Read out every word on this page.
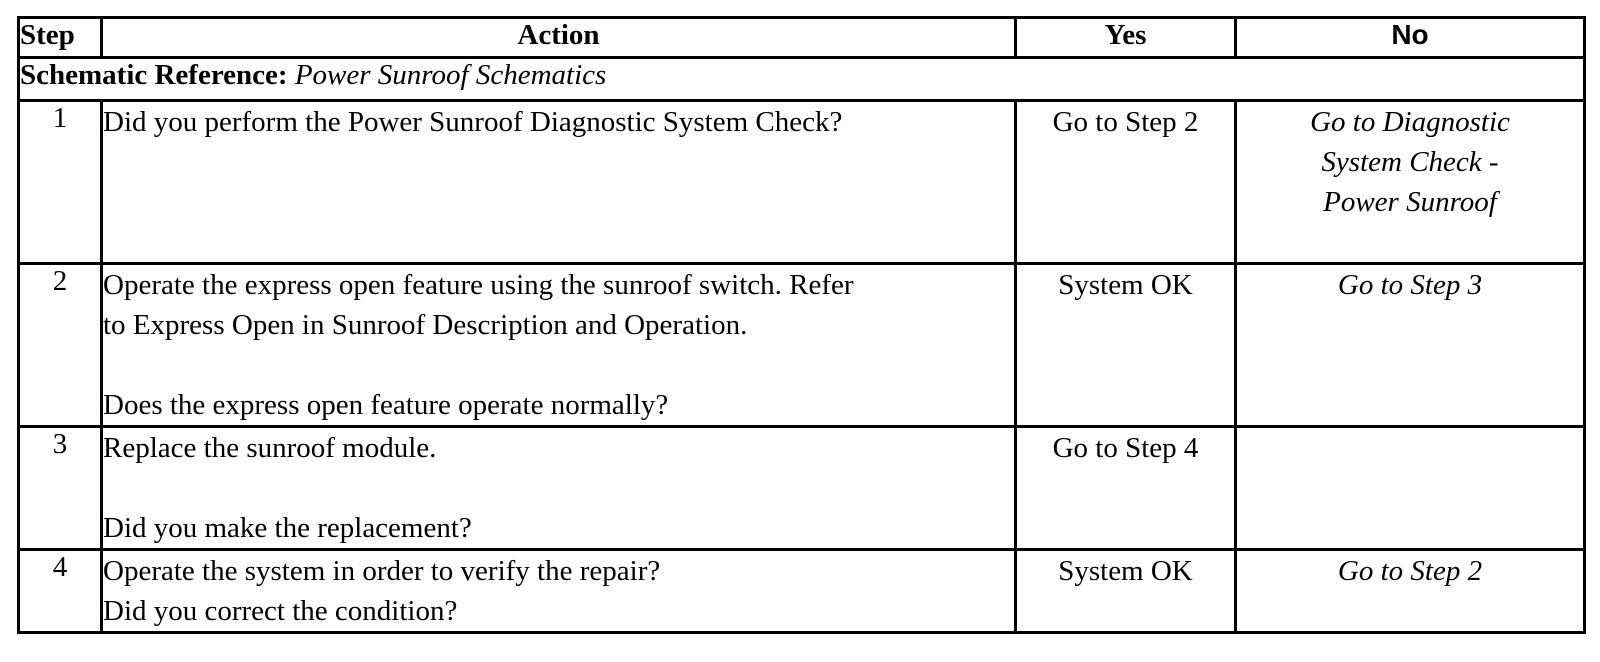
Step	Action	Yes	No
Schematic Reference: Power Sunroof Schematics			
1	Did you perform the Power Sunroof Diagnostic System Check?	Go to Step 2	Go to Diagnostic
System Check -
Power Sunroof

2	Operate the express open feature using the sunroof switch. Refer
to Express Open in Sunroof Description and Operation.
Does the express open feature operate normally?	System OK	Go to Step 3
3	Replace the sunroof module.
Did you make the replacement?	Go to Step 4	
4	Operate the system in order to verify the repair?
Did you correct the condition?	System OK	Go to Step 2
